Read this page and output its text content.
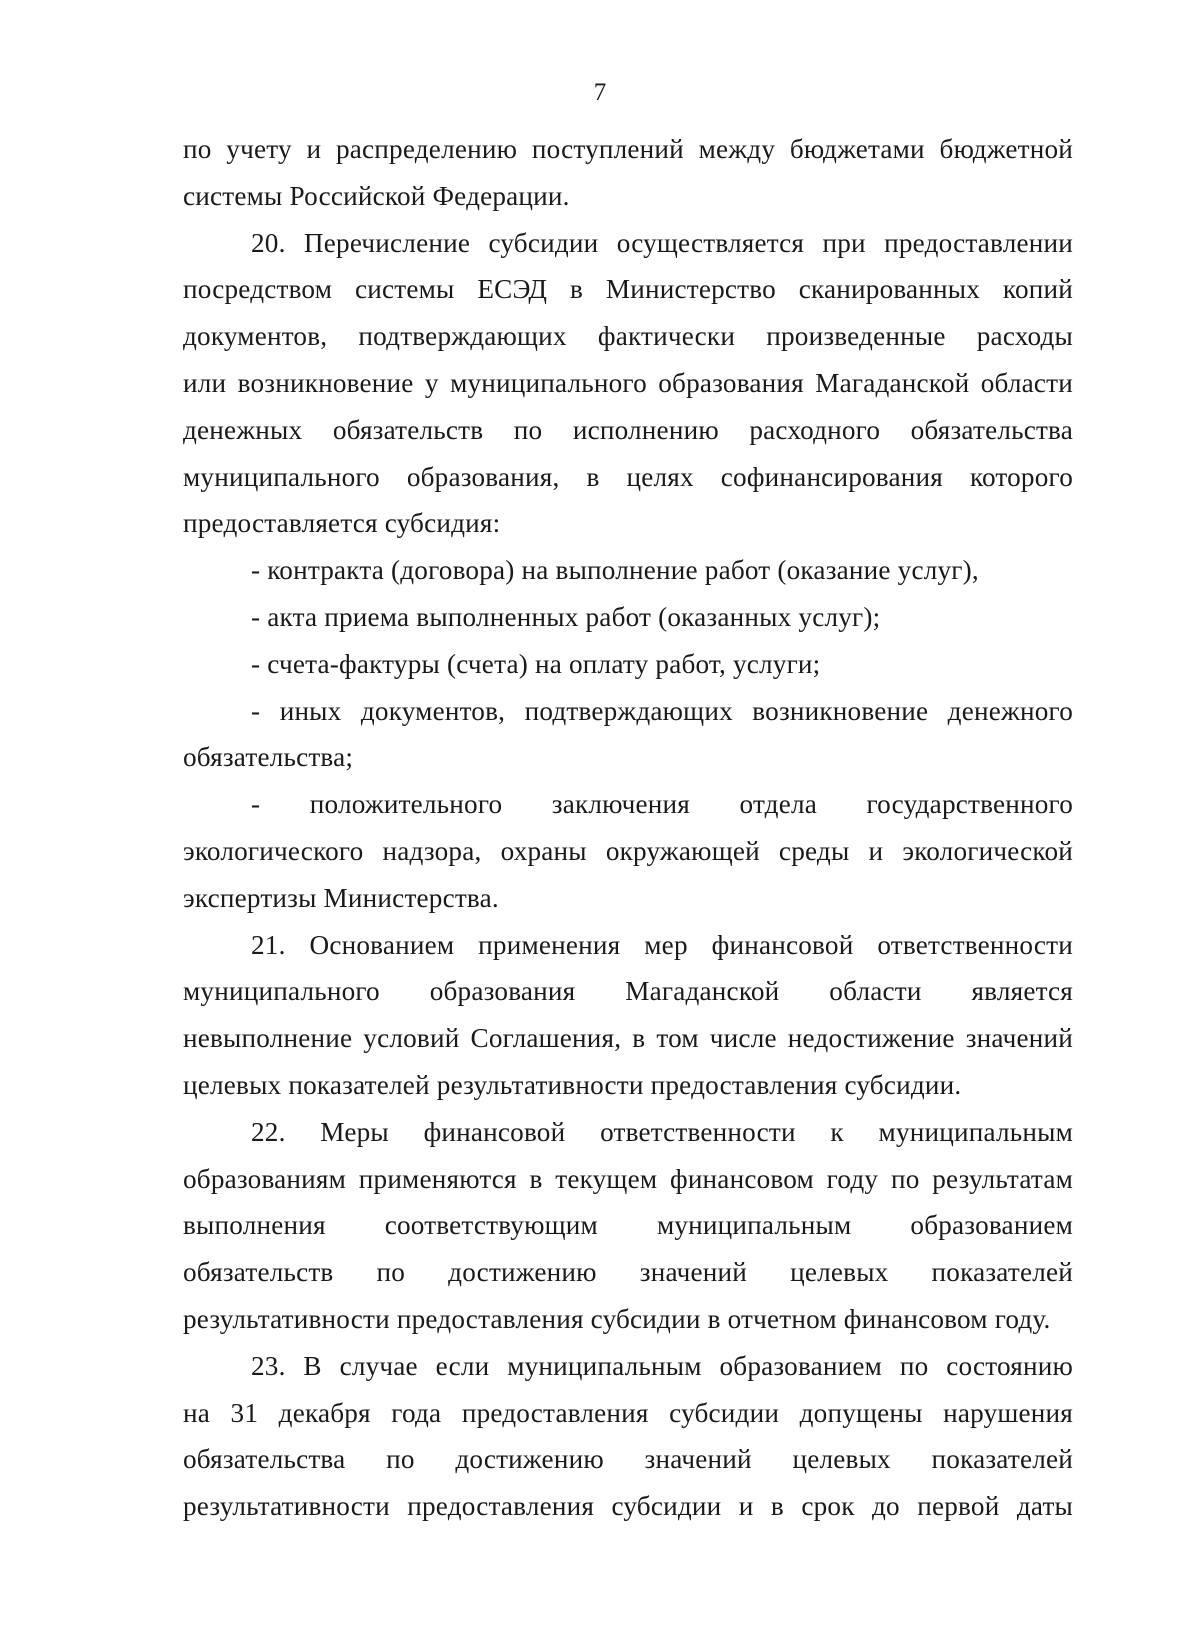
7

по учету и распределению поступлений между бюджетами бюджетной

системы Российской Федерации.

20. Перечисление субсидии осуществляется при предоставлении

посредством системы ЕСЭД в Министерство сканированных копий

документов, подтверждающих фактически произведенные расходы

или возникновение у муниципального образования Магаданской области

денежных обязательств по исполнению расходного обязательства

муниципального образования, в целях софинансирования которого

предоставляется субсидия:

- контракта (договора) на выполнение работ (оказание услуг),

- акта приема выполненных работ (оказанных услуг);

- счета-фактуры (счета) на оплату работ, услуги;

- иных документов, подтверждающих возникновение денежного

обязательства;

- положительного заключения отдела государственного

экологического надзора, охраны окружающей среды и экологической

экспертизы Министерства.

21. Основанием применения мер финансовой ответственности

муниципального образования Магаданской области является

невыполнение условий Соглашения, в том числе недостижение значений

целевых показателей результативности предоставления субсидии.

22. Меры финансовой ответственности к муниципальным

образованиям применяются в текущем финансовом году по результатам

выполнения соответствующим муниципальным образованием

обязательств по достижению значений целевых показателей

результативности предоставления субсидии в отчетном финансовом году.

23. В случае если муниципальным образованием по состоянию

на 31 декабря года предоставления субсидии допущены нарушения

обязательства по достижению значений целевых показателей

результативности предоставления субсидии и в срок до первой даты
